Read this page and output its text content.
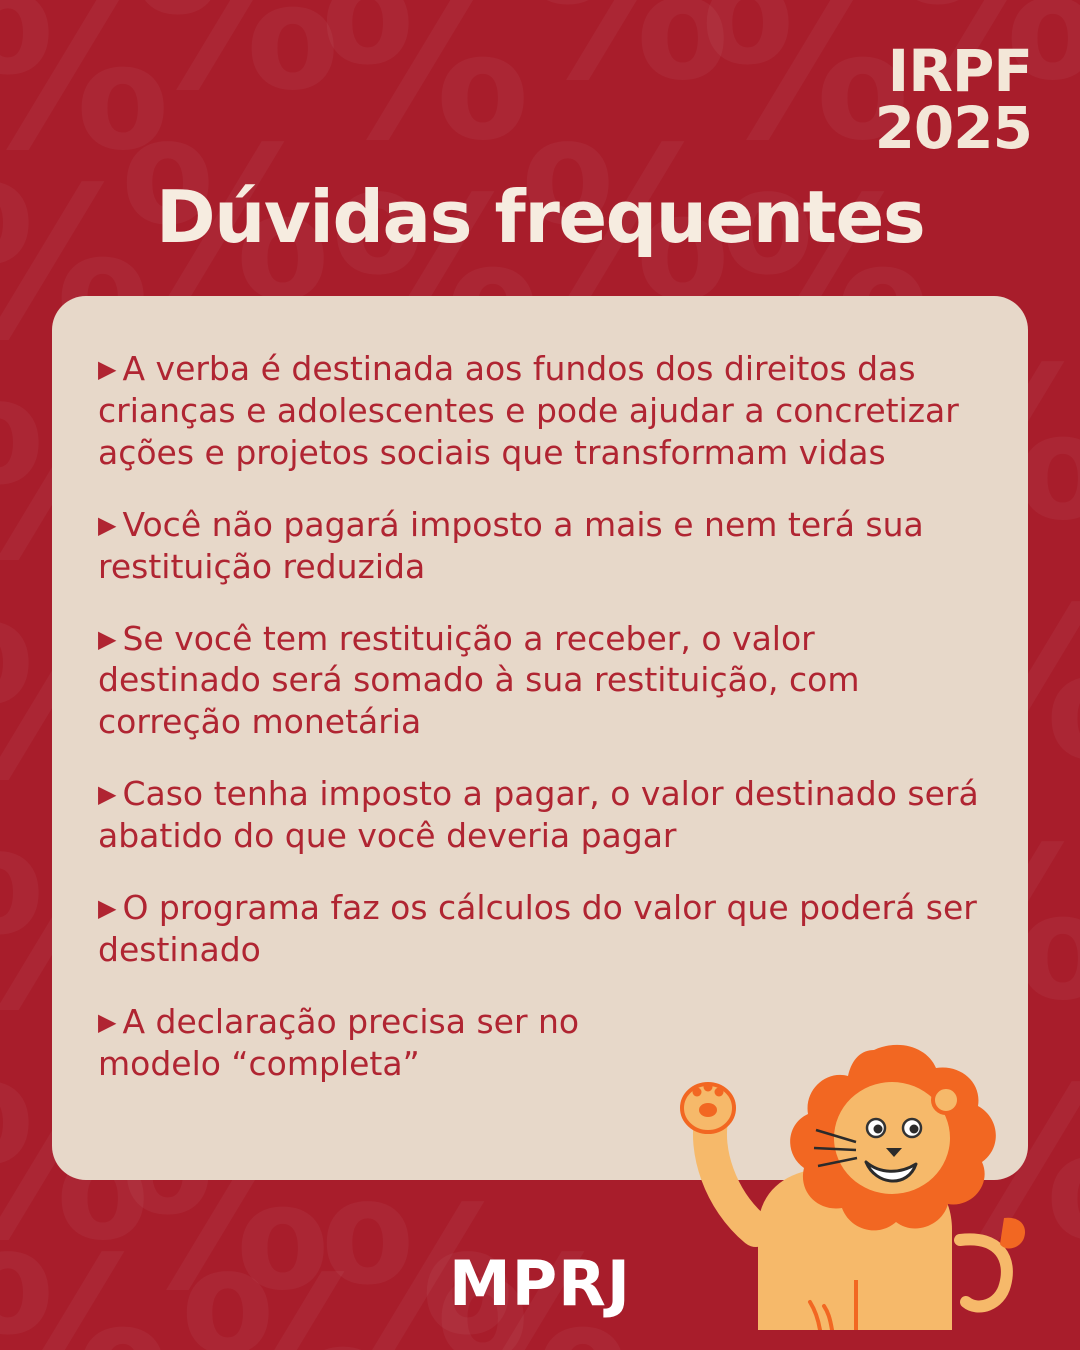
IRPF
2025
Dúvidas frequentes
▶ A verba é destinada aos fundos dos direitos das crianças e adolescentes e pode ajudar a concretizar ações e projetos sociais que transformam vidas
▶ Você não pagará imposto a mais e nem terá sua restituição reduzida
▶ Se você tem restituição a receber, o valor destinado será somado à sua restituição, com correção monetária
▶ Caso tenha imposto a pagar, o valor destinado será abatido do que você deveria pagar
▶ O programa faz os cálculos do valor que poderá ser destinado
▶ A declaração precisa ser no modelo “completa”
MPRJ
